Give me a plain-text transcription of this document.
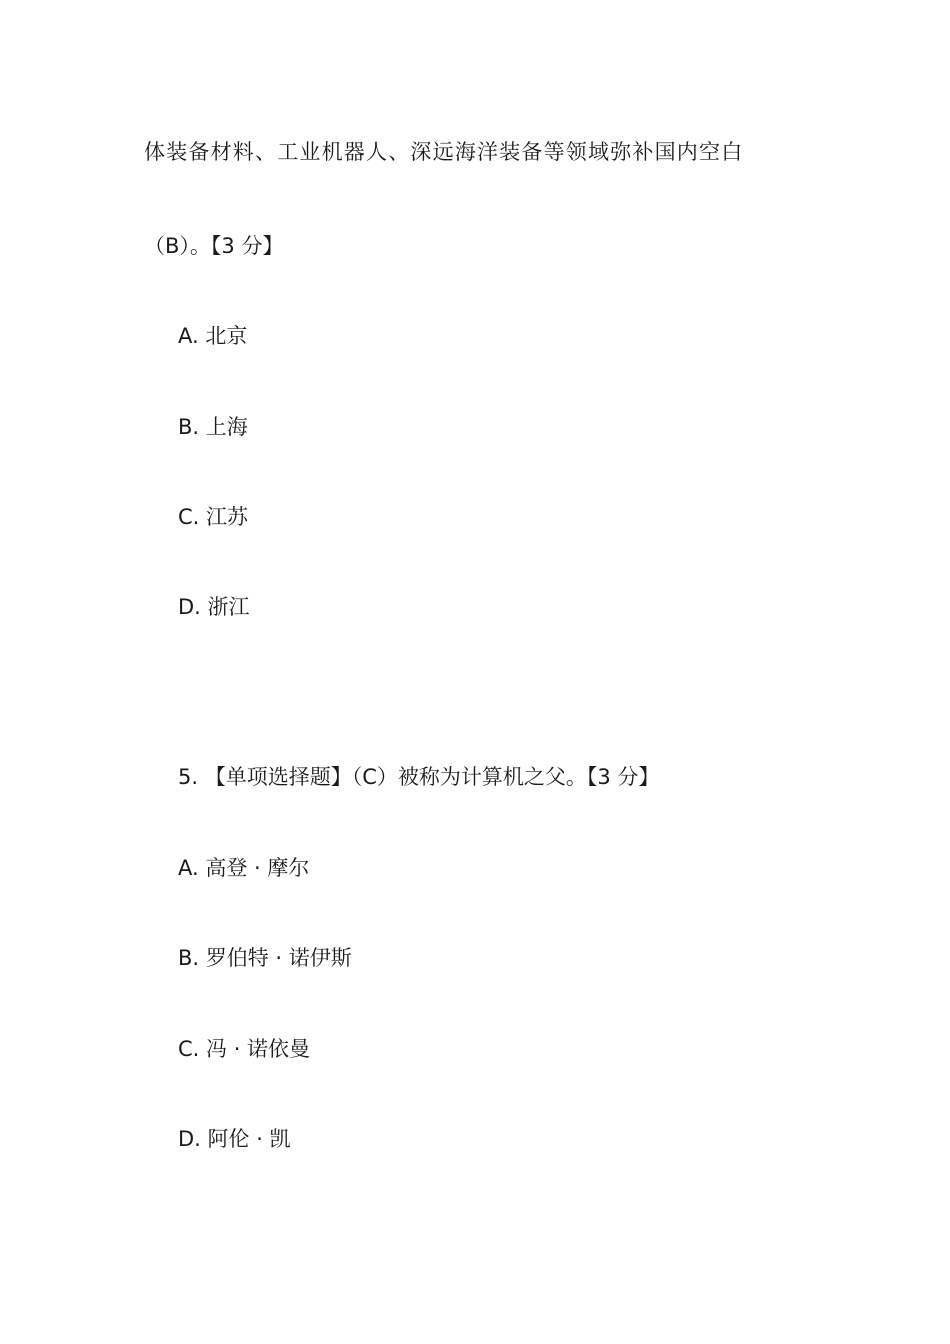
体装备材料、工业机器人、深远海洋装备等领域弥补国内空白
（B）。【3 分】
A. 北京
B. 上海
C. 江苏
D. 浙江
5. 【单项选择题】（C）被称为计算机之父。【3 分】
A. 高登 · 摩尔
B. 罗伯特 · 诺伊斯
C. 冯 · 诺依曼
D. 阿伦 · 凯
